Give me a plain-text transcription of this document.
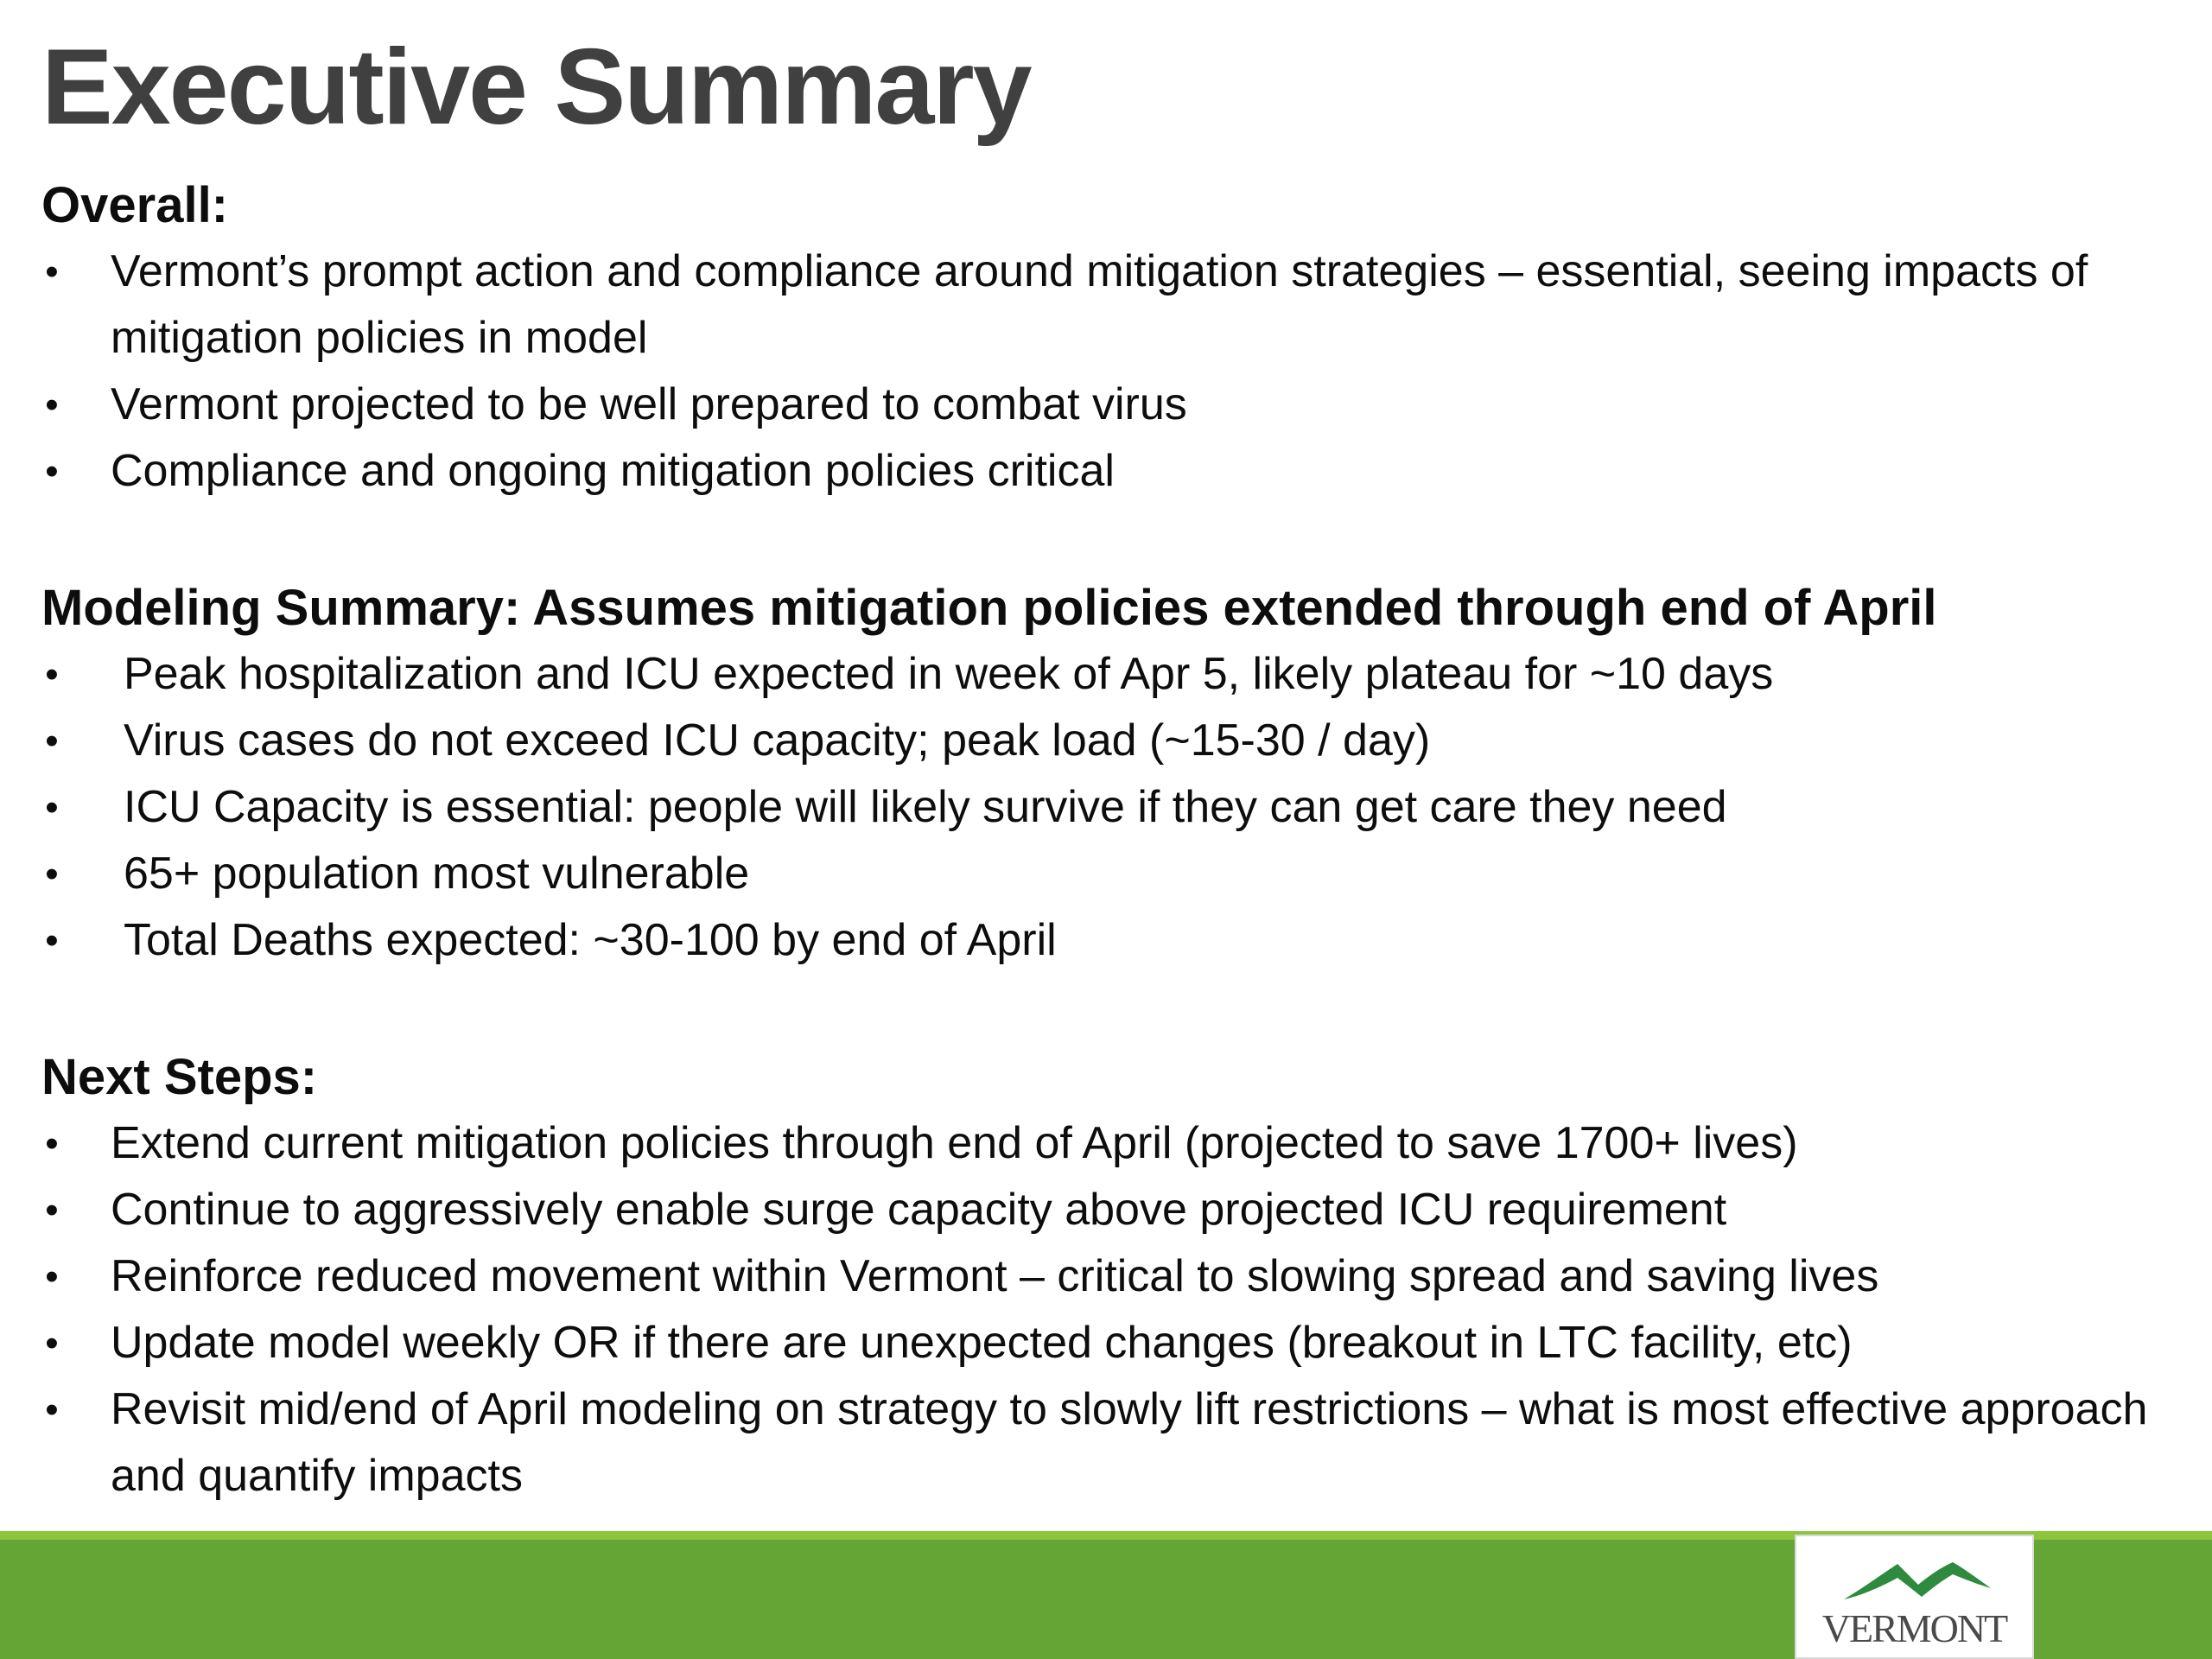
Executive Summary

Overall:

• Vermont’s prompt action and compliance around mitigation strategies – essential, seeing impacts of mitigation policies in model
• Vermont projected to be well prepared to combat virus
• Compliance and ongoing mitigation policies critical

Modeling Summary: Assumes mitigation policies extended through end of April

• Peak hospitalization and ICU expected in week of Apr 5, likely plateau for ~10 days
• Virus cases do not exceed ICU capacity; peak load (~15-30 / day)
• ICU Capacity is essential: people will likely survive if they can get care they need
• 65+ population most vulnerable
• Total Deaths expected: ~30-100 by end of April

Next Steps:

• Extend current mitigation policies through end of April (projected to save 1700+ lives)
• Continue to aggressively enable surge capacity above projected ICU requirement
• Reinforce reduced movement within Vermont – critical to slowing spread and saving lives
• Update model weekly OR if there are unexpected changes (breakout in LTC facility, etc)
• Revisit mid/end of April modeling on strategy to slowly lift restrictions – what is most effective approach and quantify impacts
VERMONT
